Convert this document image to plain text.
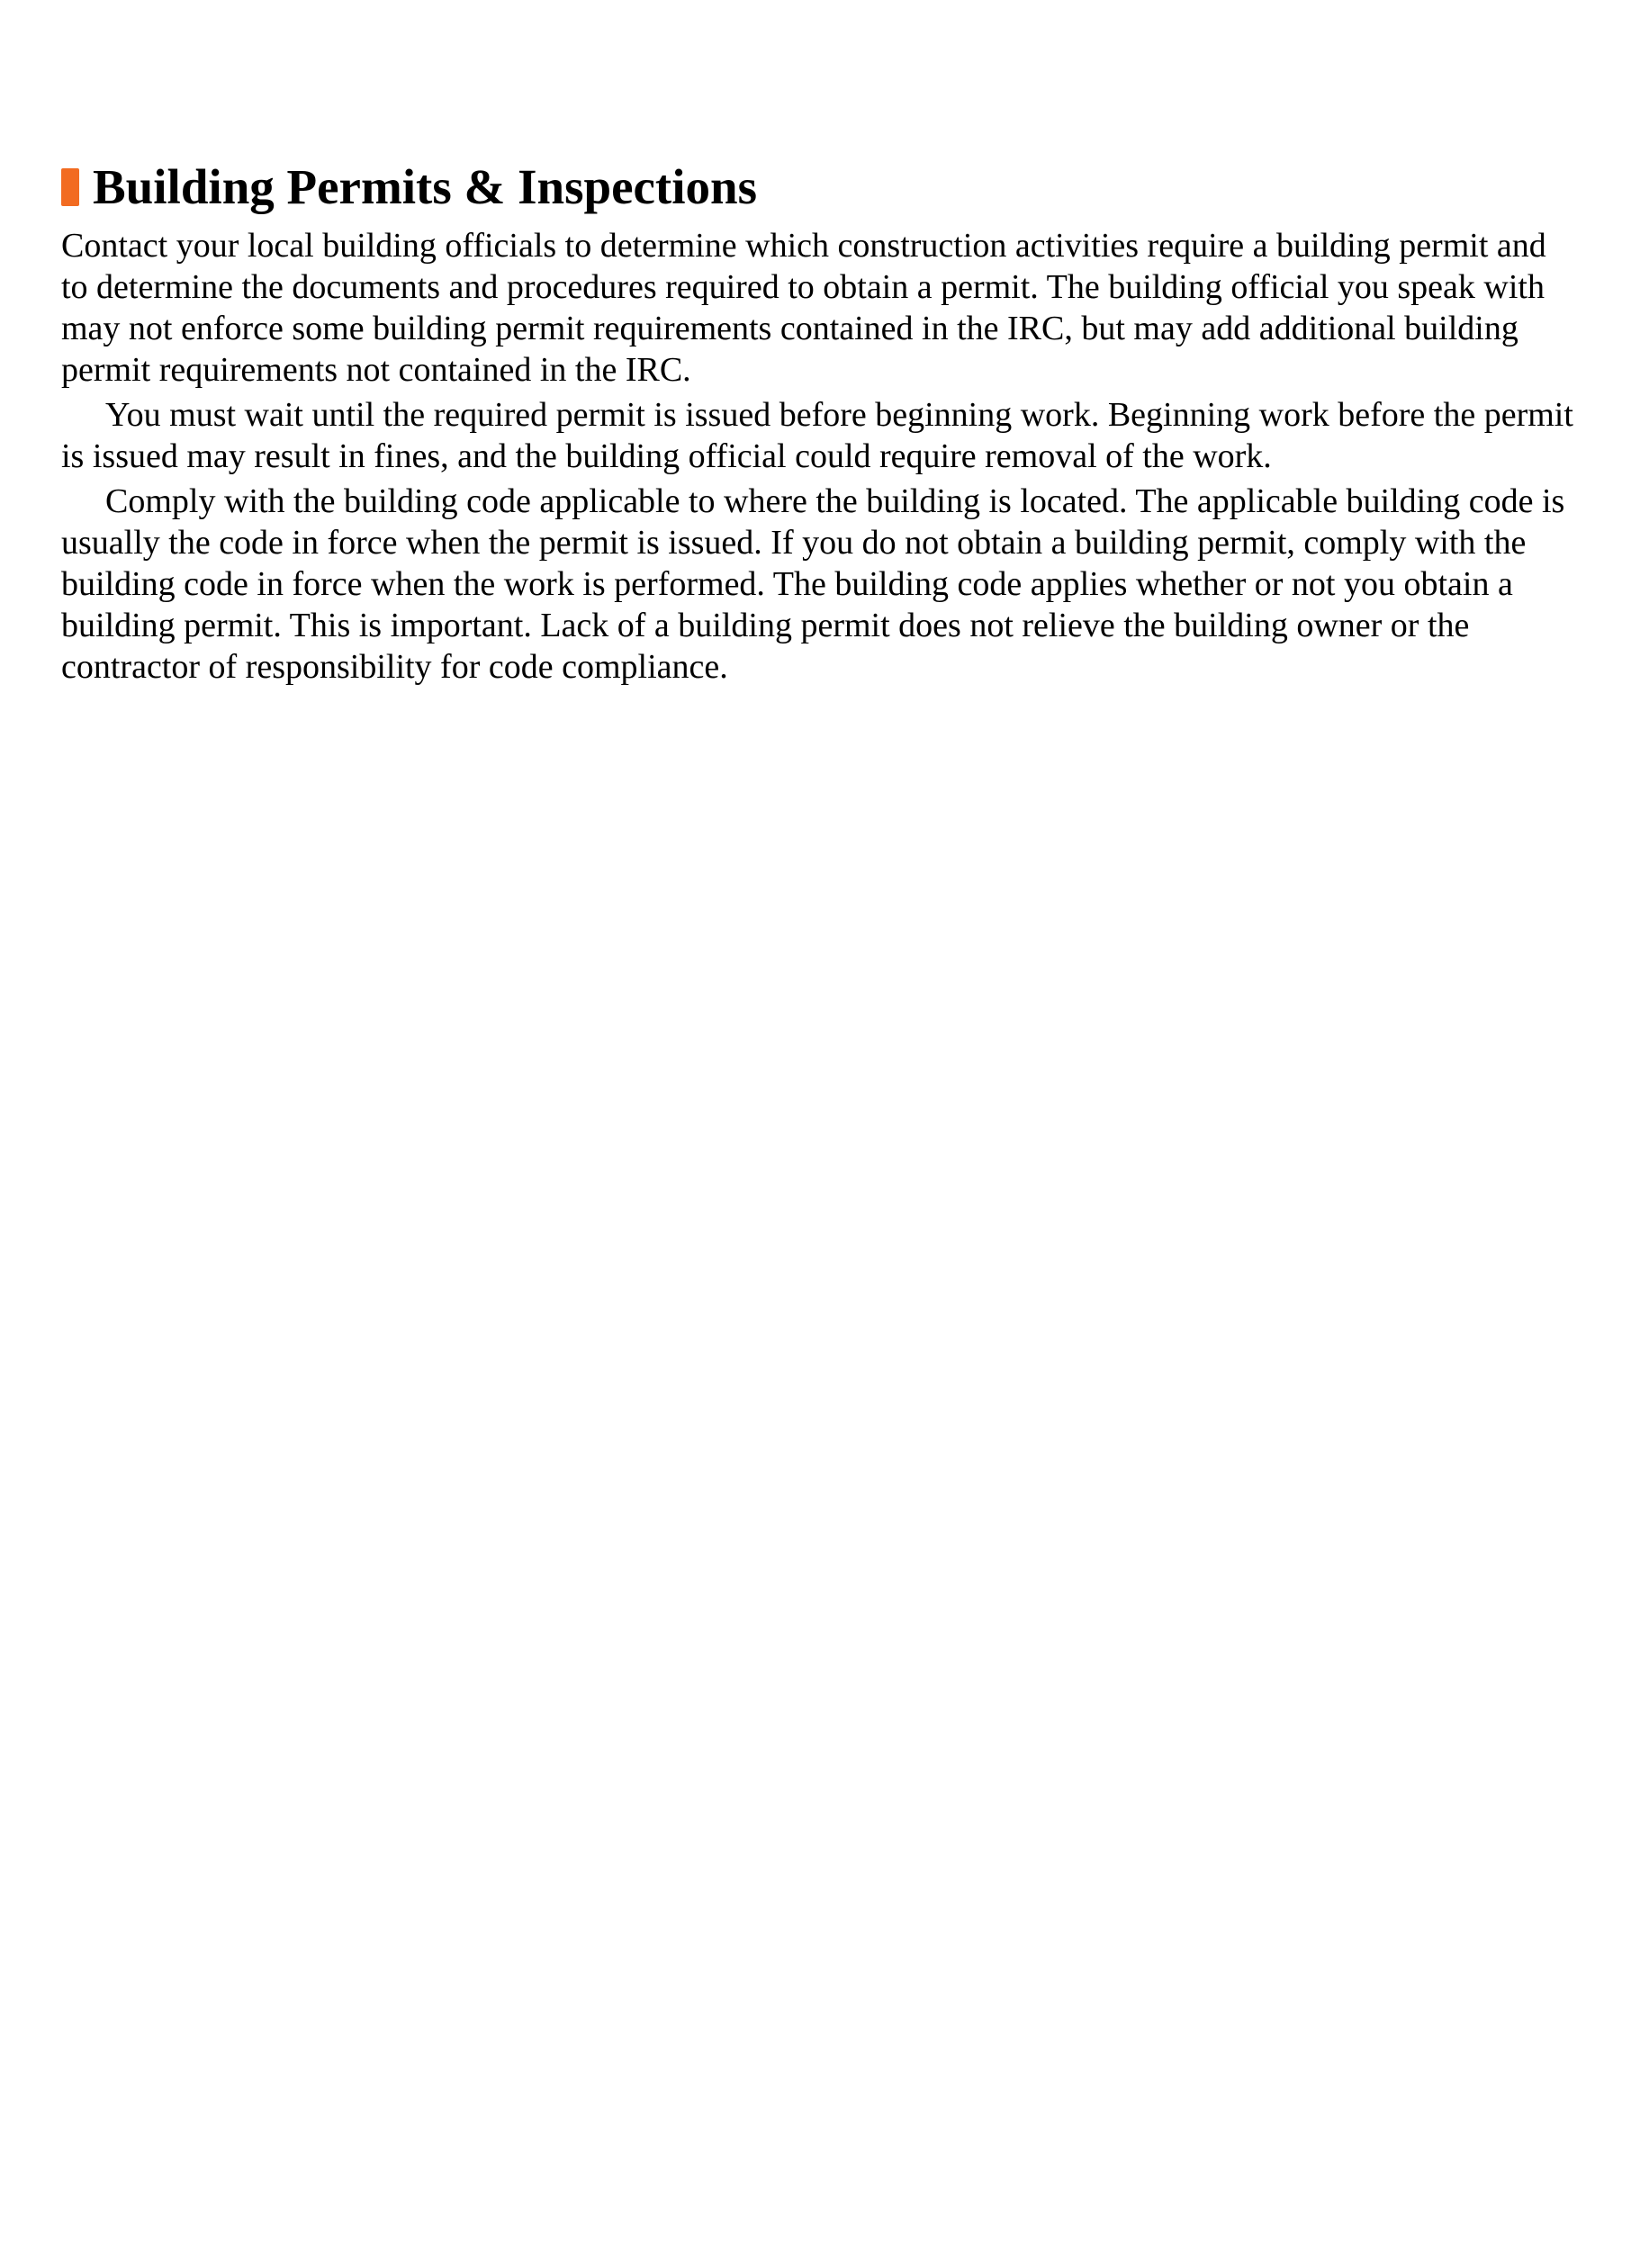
Building Permits & Inspections

Contact your local building officials to determine which construction activities require a building permit and to determine the documents and procedures required to obtain a permit. The building official you speak with may not enforce some building permit requirements contained in the IRC, but may add additional building permit requirements not contained in the IRC.

You must wait until the required permit is issued before beginning work. Beginning work before the permit is issued may result in fines, and the building official could require removal of the work.

Comply with the building code applicable to where the building is located. The applicable building code is usually the code in force when the permit is issued. If you do not obtain a building permit, comply with the building code in force when the work is performed. The building code applies whether or not you obtain a building permit. This is important. Lack of a building permit does not relieve the building owner or the contractor of responsibility for code compliance.
